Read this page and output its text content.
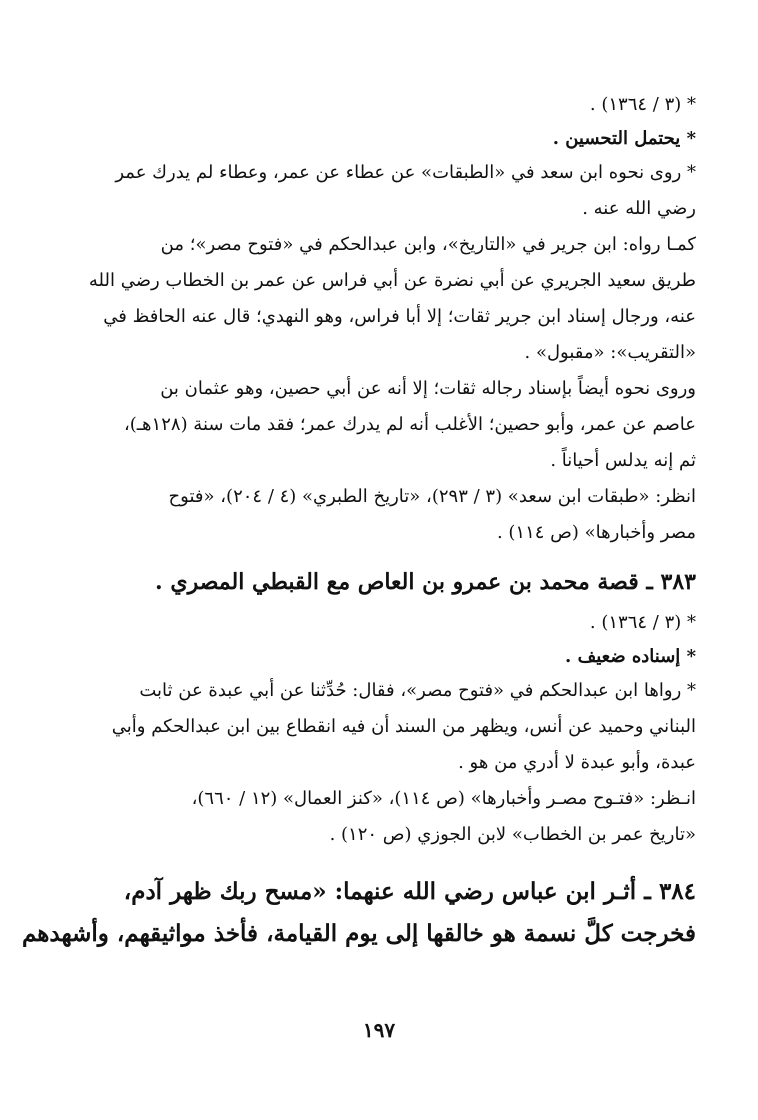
* (٣ / ١٣٦٤) .
* يحتمل التحسين .
* روى نحوه ابن سعد في «الطبقات» عن عطاء عن عمر، وعطاء لم يدرك عمر
رضي الله عنه .
كمـا رواه: ابن جرير في «التاريخ»، وابن عبدالحكم في «فتوح مصر»؛ من
طريق سعيد الجريري عن أبي نضرة عن أبي فراس عن عمر بن الخطاب رضي الله
عنه، ورجال إسناد ابن جرير ثقات؛ إلا أبا فراس، وهو النهدي؛ قال عنه الحافظ في
«التقريب»: «مقبول» .
وروى نحوه أيضاً بإسناد رجاله ثقات؛ إلا أنه عن أبي حصين، وهو عثمان بن
عاصم عن عمر، وأبو حصين؛ الأغلب أنه لم يدرك عمر؛ فقد مات سنة (١٢٨هـ)،
ثم إنه يدلس أحياناً .
انظر: «طبقات ابن سعد» (٣ / ٢٩٣)، «تاريخ الطبري» (٤ / ٢٠٤)، «فتوح
مصر وأخبارها» (ص ١١٤) .
٣٨٣ ـ قصة محمد بن عمرو بن العاص مع القبطي المصري .
* (٣ / ١٣٦٤) .
* إسناده ضعيف .
* رواها ابن عبدالحكم في «فتوح مصر»، فقال: حُدِّثنا عن أبي عبدة عن ثابت
البناني وحميد عن أنس، ويظهر من السند أن فيه انقطاع بين ابن عبدالحكم وأبي
عبدة، وأبو عبدة لا أدري من هو .
انـظر: «فتـوح مصـر وأخبارها» (ص ١١٤)، «كنز العمال» (١٢ / ٦٦٠)،
«تاريخ عمر بن الخطاب» لابن الجوزي (ص ١٢٠) .
٣٨٤ ـ أثـر ابن عباس رضي الله عنهما: «مسح ربك ظهر آدم،
فخرجت كلَّ نسمة هو خالقها إلى يوم القيامة، فأخذ مواثيقهم، وأشهدهم
١٩٧
